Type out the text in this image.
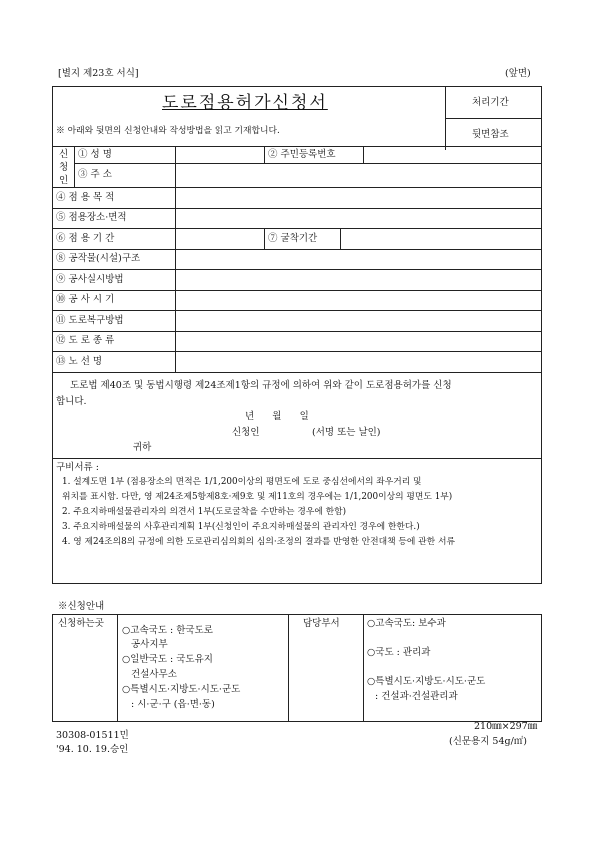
[별지 제23호 서식]	(앞면)
도로점용허가신청서
※ 아래와 뒷면의 신청안내와 작성방법을 읽고 기재합니다.
처리기간
뒷면참조
신
청
인
① 성 명	② 주민등록번호
③ 주 소
④ 점 용 목 적
⑤ 점용장소·면적
⑥ 점 용 기 간	⑦ 굴착기간
⑧ 공작물(시설)구조
⑨ 공사실시방법
⑩ 공 사 시 기
⑪ 도로복구방법
⑫ 도 로 종 류
⑬ 노 선 명
도로법 제40조 및 동법시행령 제24조제1항의 규정에 의하여 위와 같이 도로점용허가를 신청
합니다.
년      월      일
신청인	(서명 또는 날인)
귀하
구비서류 :
1. 설계도면 1부 (점용장소의 면적은 1/1,200이상의 평면도에 도로 중심선에서의 좌우거리 및
위치를 표시함. 다만, 영 제24조제5항제8호·제9호 및 제11호의 경우에는 1/1,200이상의 평면도 1부)
2. 주요지하매설물관리자의 의견서 1부(도로굴착을 수반하는 경우에 한함)
3. 주요지하매설물의 사후관리계획 1부(신청인이 주요지하매설물의 관리자인 경우에 한한다.)
4. 영 제24조의8의 규정에 의한 도로관리심의회의 심의·조정의 결과를 반영한 안전대책 등에 관한 서류
※신청안내
신청하는곳
○고속국도 : 한국도로
공사지부
○일반국도 : 국도유지
건설사무소
○특별시도·지방도·시도·군도
: 시·군·구 (읍·면·동)
담당부서	○고속국도: 보수과
○국도 : 관리과
○특별시도·지방도·시도·군도
: 건설과·건설관리과
30308-01511민
'94. 10. 19.승인
210㎜×297㎜
(신문용지 54g/㎡)
